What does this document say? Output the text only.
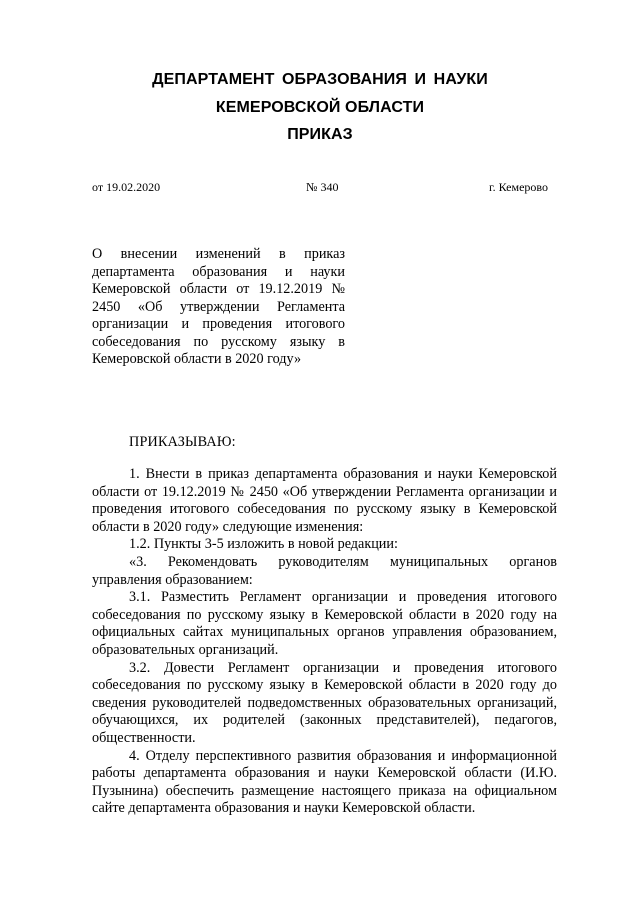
ДЕПАРТАМЕНТ ОБРАЗОВАНИЯ И НАУКИ
КЕМЕРОВСКОЙ ОБЛАСТИ
ПРИКАЗ
от 19.02.2020	№ 340	г. Кемерово
О внесении изменений в приказ департамента образования и науки Кемеровской области от 19.12.2019 № 2450 «Об утверждении Регламента организации и проведения итогового собеседования по русскому языку в Кемеровской области в 2020 году»
ПРИКАЗЫВАЮ:

1. Внести в приказ департамента образования и науки Кемеровской области от 19.12.2019 № 2450 «Об утверждении Регламента организации и проведения итогового собеседования по русскому языку в Кемеровской области в 2020 году» следующие изменения:

1.2. Пункты 3-5 изложить в новой редакции:

«3. Рекомендовать руководителям муниципальных органов управления образованием:

3.1. Разместить Регламент организации и проведения итогового собеседования по русскому языку в Кемеровской области в 2020 году на официальных сайтах муниципальных органов управления образованием, образовательных организаций.

3.2. Довести Регламент организации и проведения итогового собеседования по русскому языку в Кемеровской области в 2020 году до сведения руководителей подведомственных образовательных организаций, обучающихся, их родителей (законных представителей), педагогов, общественности.

4. Отделу перспективного развития образования и информационной работы департамента образования и науки Кемеровской области (И.Ю. Пузынина) обеспечить размещение настоящего приказа на официальном сайте департамента образования и науки Кемеровской области.
